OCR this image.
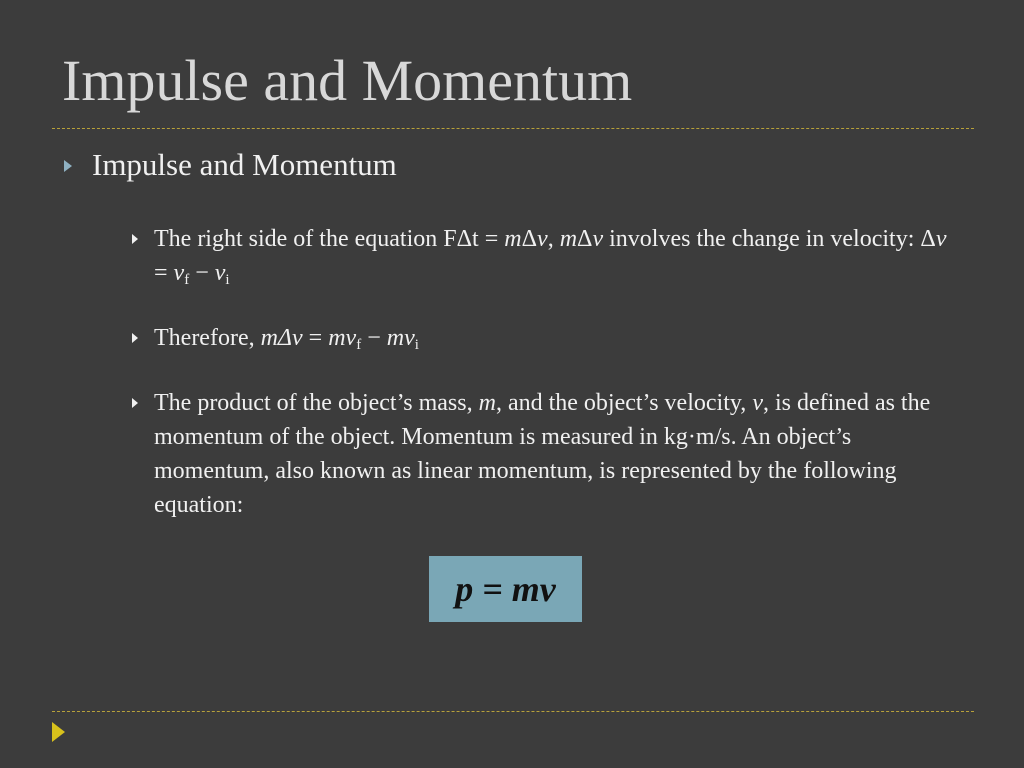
Impulse and Momentum
Impulse and Momentum
The right side of the equation FΔt = mΔv, mΔv involves the change in velocity: $\Delta v = v_f - v_i$
Therefore, $m\Delta v = mv_f - mv_i$
The product of the object’s mass, m, and the object’s velocity, v, is defined as the momentum of the object. Momentum is measured in kg·m/s. An object’s momentum, also known as linear momentum, is represented by the following equation:
p = mv
